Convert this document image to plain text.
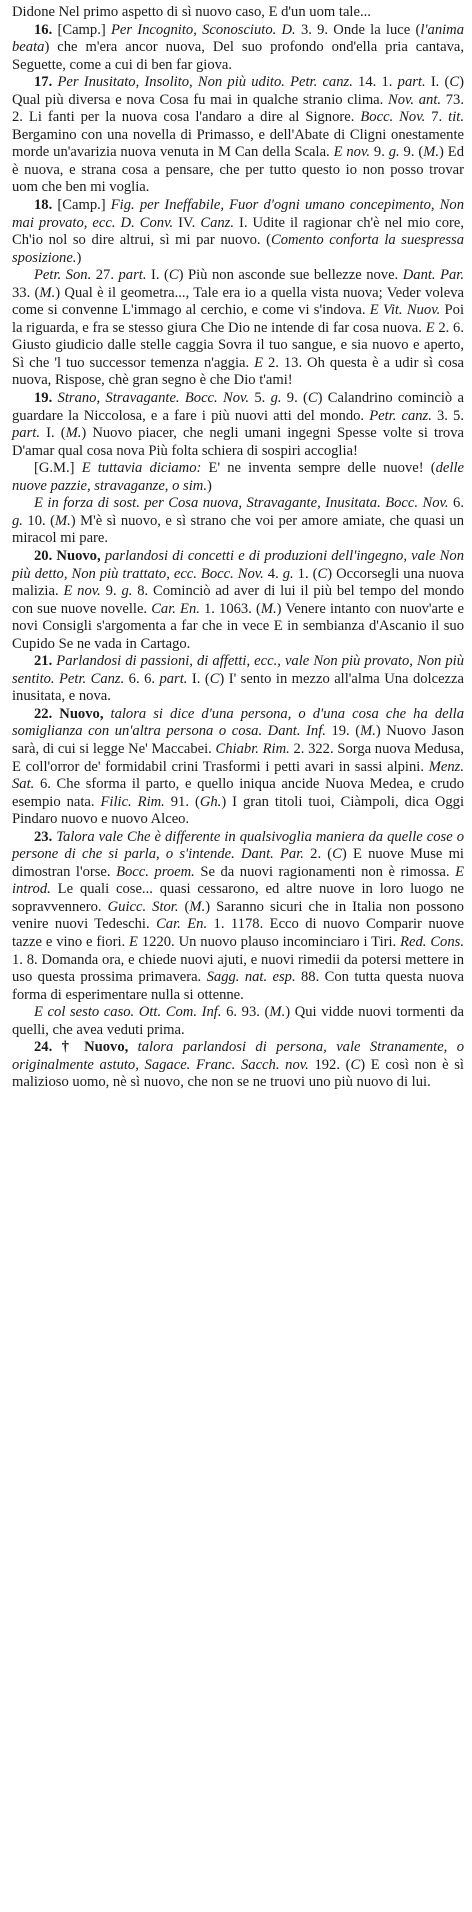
Didone Nel primo aspetto di sì nuovo caso, E d'un uom tale...

16. [Camp.] Per Incognito, Sconosciuto. D. 3. 9. Onde la luce (l'anima beata) che m'era ancor nuova, Del suo profondo ond'ella pria cantava, Seguette, come a cui di ben far giova.

17. Per Inusitato, Insolito, Non più udito. Petr. canz. 14. 1. part. I. (C) Qual più diversa e nova Cosa fu mai in qualche stranio clima. Nov. ant. 73. 2. Li fanti per la nuova cosa l'andaro a dire al Signore. Bocc. Nov. 7. tit. Bergamino con una novella di Primasso, e dell'Abate di Cligni onestamente morde un'avarizia nuova venuta in M Can della Scala. E nov. 9. g. 9. (M.) Ed è nuova, e strana cosa a pensare, che per tutto questo io non posso trovar uom che ben mi voglia.

18. [Camp.] Fig. per Ineffabile, Fuor d'ogni umano concepimento, Non mai provato, ecc. D. Conv. IV. Canz. I. Udite il ragionar ch'è nel mio core, Ch'io nol so dire altrui, sì mi par nuovo. (Comento conforta la suespressa sposizione.)

Petr. Son. 27. part. I. (C) Più non asconde sue bellezze nove. Dant. Par. 33. (M.) Qual è il geometra..., Tale era io a quella vista nuova; Veder voleva come si convenne L'immago al cerchio, e come vi s'indova. E Vit. Nuov. Poi la riguarda, e fra se stesso giura Che Dio ne intende di far cosa nuova. E 2. 6. Giusto giudicio dalle stelle caggia Sovra il tuo sangue, e sia nuovo e aperto, Sì che 'l tuo successor temenza n'aggia. E 2. 13. Oh questa è a udir sì cosa nuova, Rispose, chè gran segno è che Dio t'ami!

19. Strano, Stravagante. Bocc. Nov. 5. g. 9. (C) Calandrino cominciò a guardare la Niccolosa, e a fare i più nuovi atti del mondo. Petr. canz. 3. 5. part. I. (M.) Nuovo piacer, che negli umani ingegni Spesse volte si trova D'amar qual cosa nova Più folta schiera di sospiri accoglia!

[G.M.] E tuttavia diciamo: E' ne inventa sempre delle nuove! (delle nuove pazzie, stravaganze, o sim.)

E in forza di sost. per Cosa nuova, Stravagante, Inusitata. Bocc. Nov. 6. g. 10. (M.) M'è sì nuovo, e sì strano che voi per amore amiate, che quasi un miracol mi pare.

20. Nuovo, parlandosi di concetti e di produzioni dell'ingegno, vale Non più detto, Non più trattato, ecc. Bocc. Nov. 4. g. 1. (C) Occorsegli una nuova malizia. E nov. 9. g. 8. Cominciò ad aver di lui il più bel tempo del mondo con sue nuove novelle. Car. En. 1. 1063. (M.) Venere intanto con nuov'arte e novi Consigli s'argomenta a far che in vece E in sembianza d'Ascanio il suo Cupido Se ne vada in Cartago.

21. Parlandosi di passioni, di affetti, ecc., vale Non più provato, Non più sentito. Petr. Canz. 6. 6. part. I. (C) I' sento in mezzo all'alma Una dolcezza inusitata, e nova.

22. Nuovo, talora si dice d'una persona, o d'una cosa che ha della somiglianza con un'altra persona o cosa. Dant. Inf. 19. (M.) Nuovo Jason sarà, di cui si legge Ne' Maccabei. Chiabr. Rim. 2. 322. Sorga nuova Medusa, E coll'orror de' formidabil crini Trasformi i petti avari in sassi alpini. Menz. Sat. 6. Che sforma il parto, e quello iniqua ancide Nuova Medea, e crudo esempio nata. Filic. Rim. 91. (Gh.) I gran titoli tuoi, Ciàmpoli, dica Oggi Pindaro nuovo e nuovo Alceo.

23. Talora vale Che è differente in qualsivoglia maniera da quelle cose o persone di che si parla, o s'intende. Dant. Par. 2. (C) E nuove Muse mi dimostran l'orse. Bocc. proem. Se da nuovi ragionamenti non è rimossa. E introd. Le quali cose... quasi cessarono, ed altre nuove in loro luogo ne sopravvennero. Guicc. Stor. (M.) Saranno sicuri che in Italia non possono venire nuovi Tedeschi. Car. En. 1. 1178. Ecco di nuovo Comparir nuove tazze e vino e fiori. E 1220. Un nuovo plauso incominciaro i Tiri. Red. Cons. 1. 8. Domanda ora, e chiede nuovi ajuti, e nuovi rimedii da potersi mettere in uso questa prossima primavera. Sagg. nat. esp. 88. Con tutta questa nuova forma di esperimentare nulla si ottenne.

E col sesto caso. Ott. Com. Inf. 6. 93. (M.) Qui vidde nuovi tormenti da quelli, che avea veduti prima.

24. † Nuovo, talora parlandosi di persona, vale Stranamente, o originalmente astuto, Sagace. Franc. Sacch. nov. 192. (C) E così non è sì malizioso uomo, nè sì nuovo, che non se ne truovi uno più nuovo di lui.
